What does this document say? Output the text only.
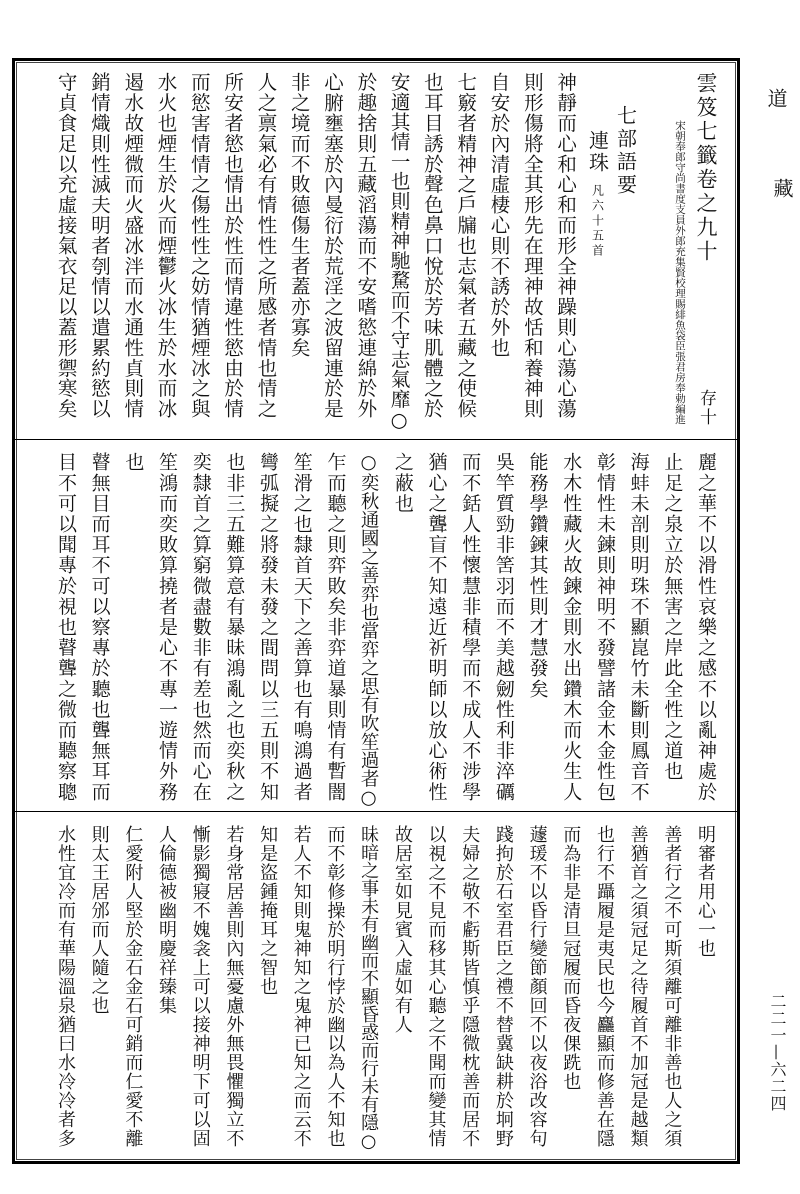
道
藏
二二一—六二四
雲笈七籤卷之九十
存十
宋朝奉郎守尚書度支員外郎充集賢校理賜緋魚袋臣張君房奉勅編進
七部語要
連珠凡六十五首
神靜而心和心和而形全神躁則心蕩心蕩
則形傷將全其形先在理神故恬和養神則
自安於內清虛棲心則不誘於外也
七竅者精神之戶牖也志氣者五藏之使候
也耳目誘於聲色鼻口悅於芳味肌體之於
安適其情一也則精神馳騖而不守志氣靡○
於趣捨則五藏滔蕩而不安嗜慾連綿於外
心腑壅塞於內曼衍於荒淫之波留連於是
非之境而不敗德傷生者蓋亦寡矣
人之禀氣必有情性性之所感者情也情之
所安者慾也情出於性而情違性慾由於情
而慾害情情之傷性性之妨情猶煙冰之與
水火也煙生於火而煙鬱火冰生於水而冰
遏水故煙微而火盛冰泮而水通性貞則情
銷情熾則性滅夫明者刳情以遣累約慾以
守貞食足以充虛接氣衣足以蓋形禦寒矣
麗之華不以滑性哀樂之感不以亂神處於
止足之泉立於無害之岸此全性之道也
海蚌未剖則明珠不顯崑竹未斷則鳳音不
彰情性未鍊則神明不發譬諸金木金性包
水木性藏火故鍊金則水出鑽木而火生人
能務學鑽鍊其性則才慧發矣
吳竿質勁非筈羽而不美越劒性利非淬礪
而不銛人性懷慧非積學而不成人不涉學
猶心之聾盲不知遠近祈明師以放心術性
之蔽也
○奕秋通國之善弈也當弈之思有吹笙過者○
乍而聽之則弈敗矣非弈道暴則情有暫闇
笙滑之也隸首天下之善算也有鳴鴻過者
彎弧擬之將發未發之間問以三五則不知
也非三五難算意有暴昧鴻亂之也奕秋之
奕隸首之算窮微盡數非有差也然而心在
笙鴻而奕敗算撓者是心不專一遊情外務
也
瞽無目而耳不可以察專於聽也聾無耳而
目不可以聞專於視也瞽聾之微而聽察聰
明審者用心一也
善者行之不可斯須離可離非善也人之須
善猶首之須冠足之待履首不加冠是越類
也行不躡履是夷民也今麤顯而修善在隱
而為非是清旦冠履而昏夜倮跣也
蘧瑗不以昏行變節顏回不以夜浴改容句
踐拘於石室君臣之禮不替冀缺耕於坰野
夫婦之敬不虧斯皆慎乎隱微枕善而居不
以視之不見而移其心聽之不聞而變其情
故居室如見賓入虛如有人
昧暗之事未有幽而不顯昏惑而行未有隱○
而不彰修操於明行悖於幽以為人不知也
若人不知則鬼神知之鬼神已知之而云不
知是盜鍾掩耳之智也
若身常居善則內無憂慮外無畏懼獨立不
慚影獨寢不媿衾上可以接神明下可以固
人倫德被幽明慶祥臻集
仁愛附人堅於金石金石可銷而仁愛不離
則太王居邠而人隨之也
水性宜冷而有華陽溫泉猶曰水冷冷者多
